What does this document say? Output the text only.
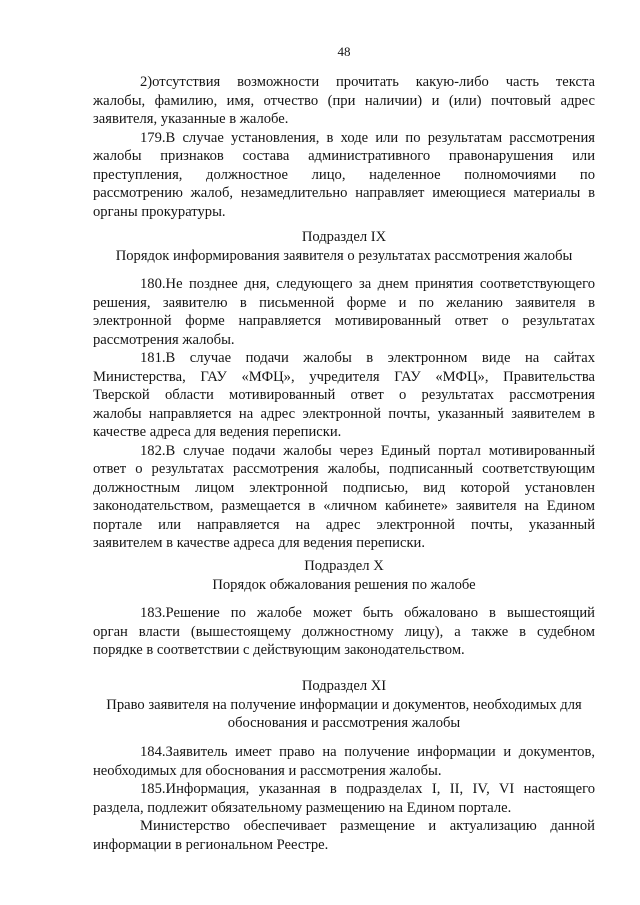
48
2)отсутствия возможности прочитать какую-либо часть текста
жалобы, фамилию, имя, отчество (при наличии) и (или) почтовый адрес
заявителя, указанные в жалобе.
179.В случае установления, в ходе или по результатам рассмотрения
жалобы признаков состава административного правонарушения или
преступления, должностное лицо, наделенное полномочиями по
рассмотрению жалоб, незамедлительно направляет имеющиеся материалы в
органы прокуратуры.
Подраздел IX
Порядок информирования заявителя о результатах рассмотрения жалобы
180.Не позднее дня, следующего за днем принятия соответствующего
решения, заявителю в письменной форме и по желанию заявителя в
электронной форме направляется мотивированный ответ о результатах
рассмотрения жалобы.
181.В случае подачи жалобы в электронном виде на сайтах
Министерства, ГАУ «МФЦ», учредителя ГАУ «МФЦ», Правительства
Тверской области мотивированный ответ о результатах рассмотрения
жалобы направляется на адрес электронной почты, указанный заявителем в
качестве адреса для ведения переписки.
182.В случае подачи жалобы через Единый портал мотивированный
ответ о результатах рассмотрения жалобы, подписанный соответствующим
должностным лицом электронной подписью, вид которой установлен
законодательством, размещается в «личном кабинете» заявителя на Едином
портале или направляется на адрес электронной почты, указанный
заявителем в качестве адреса для ведения переписки.
Подраздел X
Порядок обжалования решения по жалобе
183.Решение по жалобе может быть обжаловано в вышестоящий
орган власти (вышестоящему должностному лицу), а также в судебном
порядке в соответствии с действующим законодательством.
Подраздел XI
Право заявителя на получение информации и документов, необходимых для
обоснования и рассмотрения жалобы
184.Заявитель имеет право на получение информации и документов,
необходимых для обоснования и рассмотрения жалобы.
185.Информация, указанная в подразделах I, II, IV, VI настоящего
раздела, подлежит обязательному размещению на Едином портале.
Министерство обеспечивает размещение и актуализацию данной
информации в региональном Реестре.
